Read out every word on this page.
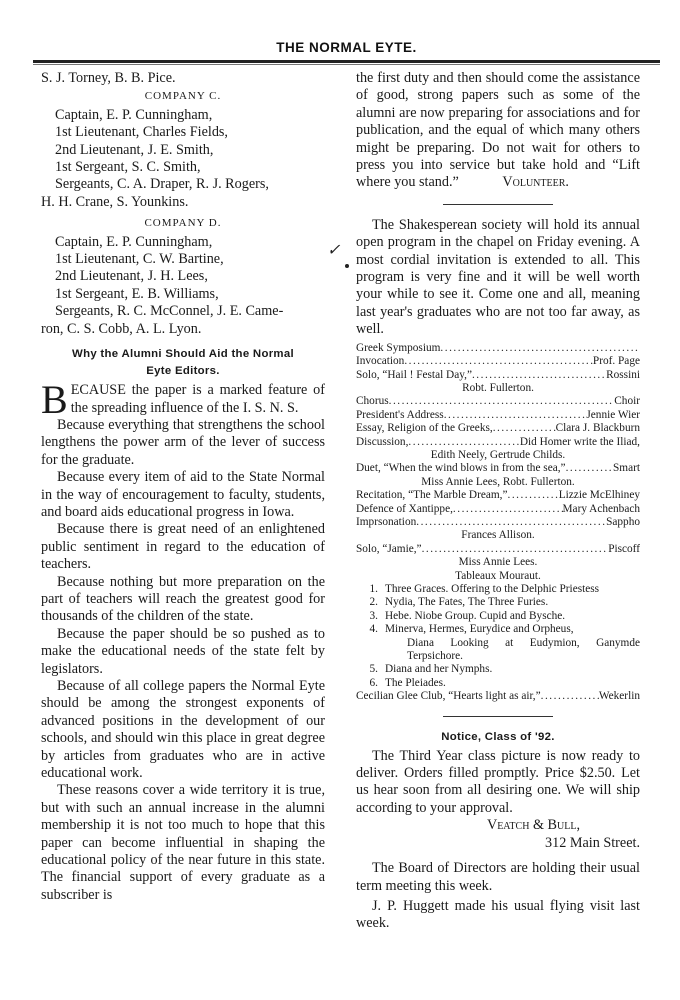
THE NORMAL EYTE.
✓

S. J. Torney, B. B. Pice.

COMPANY C.

Captain, E. P. Cunningham,

1st Lieutenant, Charles Fields,

2nd Lieutenant, J. E. Smith,

1st Sergeant, S. C. Smith,

Sergeants, C. A. Draper, R. J. Rogers,

H. H. Crane, S. Younkins.

COMPANY D.

Captain, E. P. Cunningham,

1st Lieutenant, C. W. Bartine,

2nd Lieutenant, J. H. Lees,

1st Sergeant, E. B. Williams,

Sergeants, R. C. McConnel, J. E. Came-

ron, C. S. Cobb, A. L. Lyon.

Why the Alumni Should Aid the Normal
Eyte Editors.

BECAUSE the paper is a marked feature of the spreading influence of the I. S. N. S.

Because everything that strengthens the school lengthens the power arm of the lever of success for the graduate.

Because every item of aid to the State Normal in the way of encouragement to faculty, students, and board aids educational progress in Iowa.

Because there is great need of an enlightened public sentiment in regard to the education of teachers.

Because nothing but more preparation on the part of teachers will reach the greatest good for thousands of the children of the state.

Because the paper should be so pushed as to make the educational needs of the state felt by legislators.

Because of all college papers the Normal Eyte should be among the strongest exponents of advanced positions in the development of our schools, and should win this place in great degree by articles from graduates who are in active educational work.

These reasons cover a wide territory it is true, but with such an annual increase in the alumni membership it is not too much to hope that this paper can become influential in shaping the educational policy of the near future in this state. The financial support of every graduate as a subscriber is

the first duty and then should come the assistance of good, strong papers such as some of the alumni are now preparing for associations and for publication, and the equal of which many others might be preparing. Do not wait for others to press you into service but take hold and “Lift where you stand.”	Volunteer.

The Shakesperean society will hold its annual open program in the chapel on Friday evening. A most cordial invitation is extended to all. This program is very fine and it will be well worth your while to see it. Come one and all, meaning last year's graduates who are not too far away, as well.

Greek Symposium
.....
Invocation .....	Prof. Page
Solo, “Hail ! Festal Day,” .....	Rossini
Robt. Fullerton.
Chorus .....	Choir
President's Address .....	Jennie Wier
Essay, Religion of the Greeks, .....	Clara J. Blackburn
Discussion, .....	Did Homer write the Iliad,
Edith Neely, Gertrude Childs.
Duet, “When the wind blows in from the sea,” .....	Smart
Miss Annie Lees, Robt. Fullerton.
Recitation, “The Marble Dream,” .....	Lizzie McElhiney
Defence of Xantippe, .....	Mary Achenbach
Imprsonation .....	Sappho
Frances Allison.
Solo, “Jamie,” .....	Piscoff
Miss Annie Lees.
Tableaux Mouraut.
1. Three Graces. Offering to the Delphic Priestess
2. Nydia, The Fates, The Three Furies.
3. Hebe. Niobe Group. Cupid and Bysche.
4. Minerva, Hermes, Eurydice and Orpheus,
Diana Looking at Eudymion, Ganymde Terpsichore.
5. Diana and her Nymphs.
6. The Pleiades.
Cecilian Glee Club, “Hearts light as air,” .....	Wekerlin
Notice, Class of '92.

The Third Year class picture is now ready to deliver. Orders filled promptly. Price $2.50. Let us hear soon from all desiring one. We will ship according to your approval.

Veatch & Bull,

312 Main Street.

The Board of Directors are holding their usual term meeting this week.

J. P. Huggett made his usual flying visit last week.
